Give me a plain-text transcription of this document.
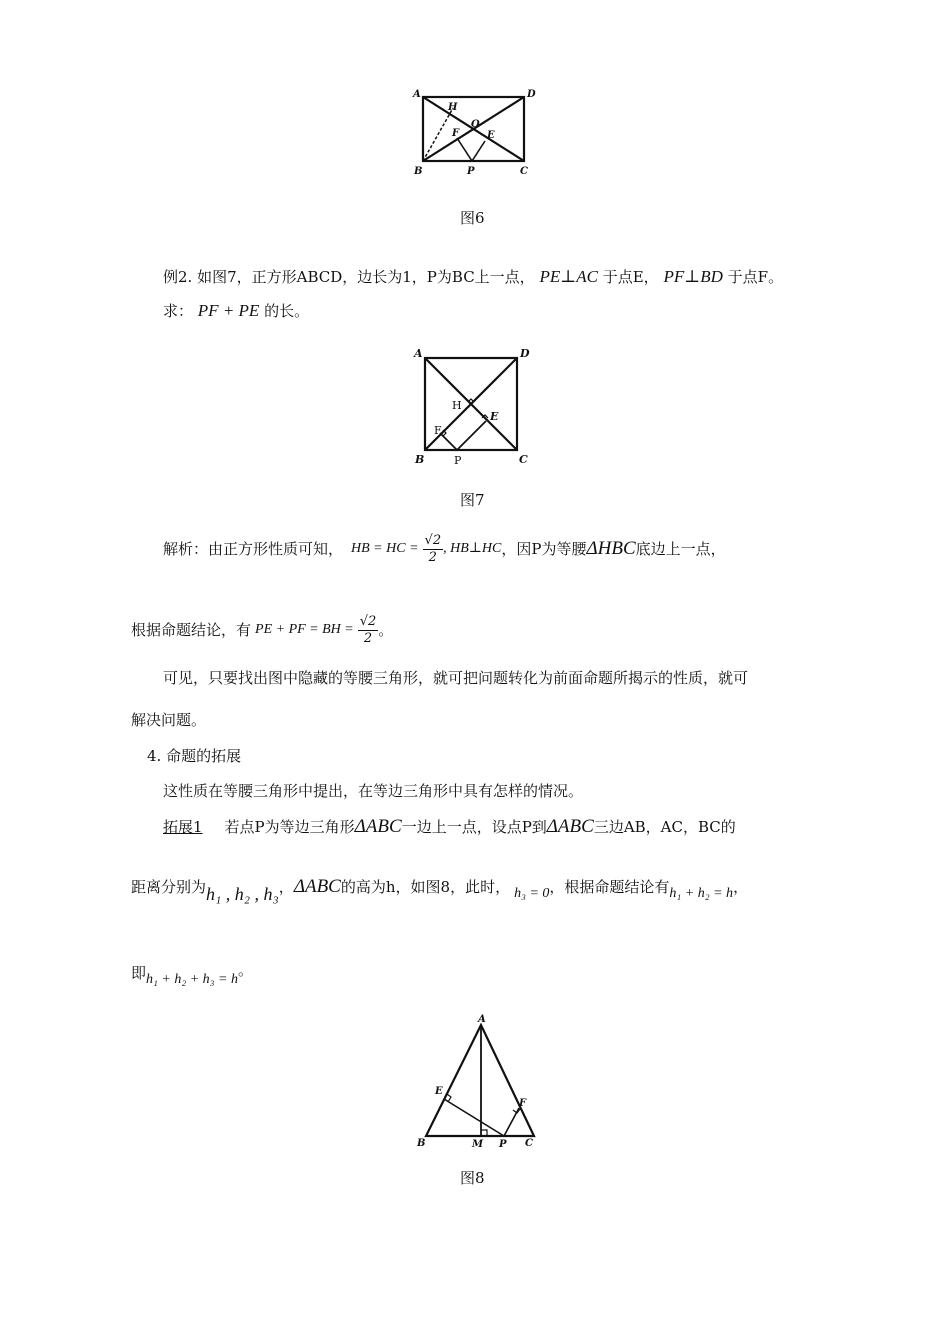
A	D
H
O
F	E
B	P	C
图6
例2. 如图7，正方形ABCD，边长为1，P为BC上一点， PE⊥AC 于点E， PF⊥BD 于点F。
求： PF + PE 的长。
A	D
H
E
F
B	P	C
图7
解析：由正方形性质可知， HB = HC = $\frac{√2}{2}$ , HB⊥HC ，因P为等腰 ΔHBC 底边上一点，
根据命题结论，有 PE + PF = BH = $\frac{√2}{2}$ 。
可见，只要找出图中隐藏的等腰三角形，就可把问题转化为前面命题所揭示的性质，就可
解决问题。
4. 命题的拓展
这性质在等腰三角形中提出，在等边三角形中具有怎样的情况。
拓展1 若点P为等边三角形 ΔABC 一边上一点，设点P到 ΔABC 三边AB，AC，BC的
距离分别为 h₁ , h₂ , h₃ ， ΔABC 的高为h，如图8，此时， h₃ = 0 ，根据命题结论有 h₁ + h₂ = h ，
即 h₁ + h₂ + h₃ = h
。
A
E
F
B	M P C
图8
